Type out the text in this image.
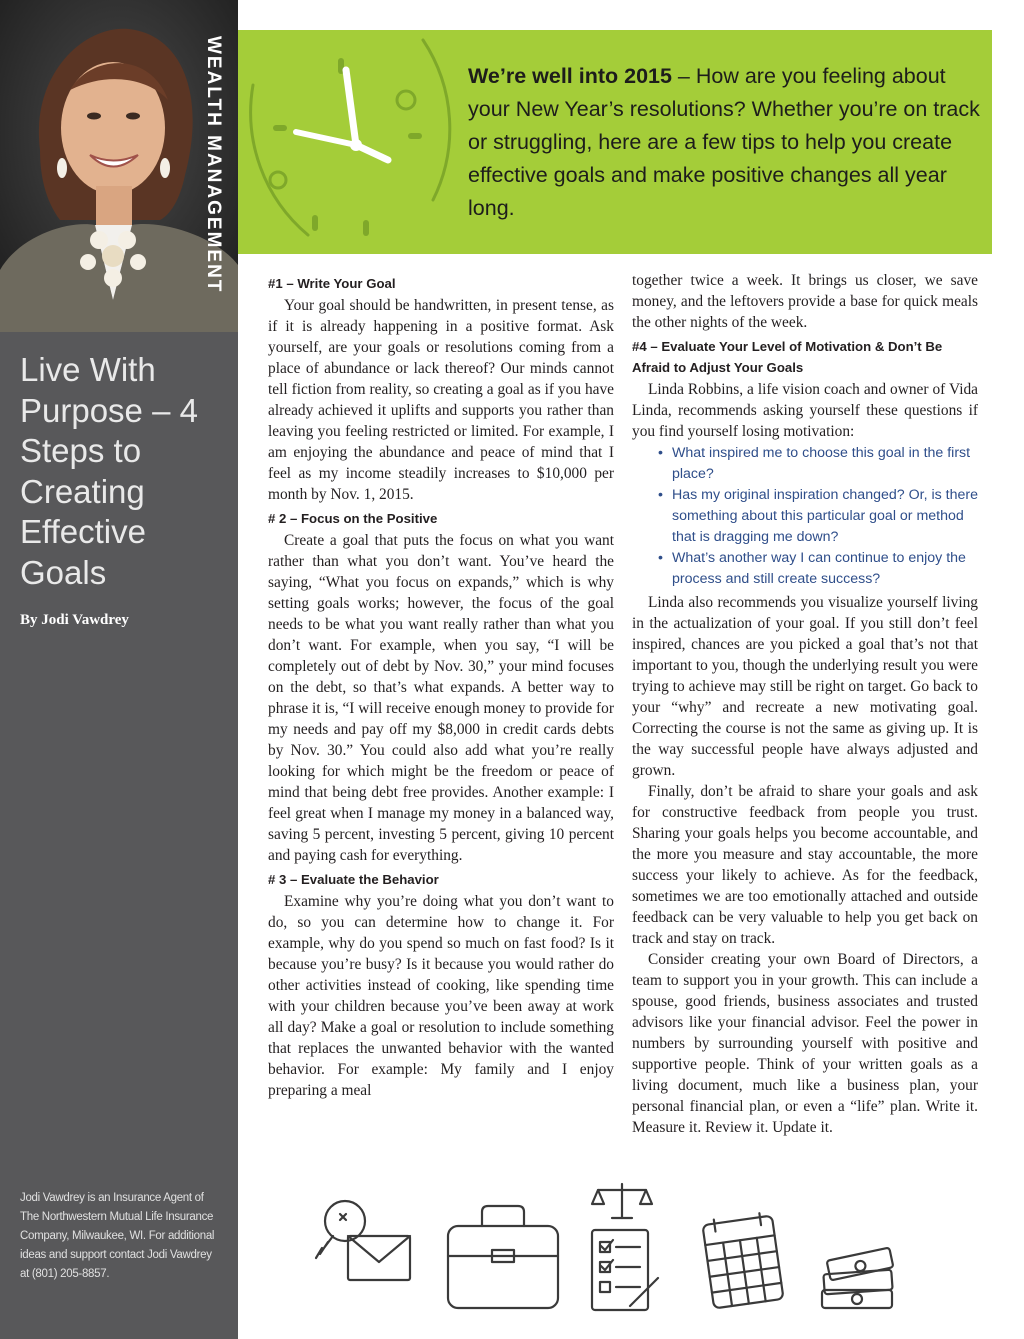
WEALTH MANAGEMENT
Live With Purpose – 4 Steps to Creating Effective Goals
By Jodi Vawdrey
Jodi Vawdrey is an Insurance Agent of The Northwestern Mutual Life Insurance Company, Milwaukee, WI. For additional ideas and support contact Jodi Vawdrey at (801) 205-8857.
We’re well into 2015 – How are you feeling about your New Year’s resolutions? Whether you’re on track or struggling, here are a few tips to help you create effective goals and make positive changes all year long.
#1 – Write Your Goal

Your goal should be handwritten, in present tense, as if it is already happening in a positive format. Ask yourself, are your goals or resolutions coming from a place of abundance or lack thereof? Our minds cannot tell fiction from reality, so creating a goal as if you have already achieved it uplifts and supports you rather than leaving you feeling restricted or limited. For example, I am enjoying the abundance and peace of mind that I feel as my income steadily increases to $10,000 per month by Nov. 1, 2015.

# 2 – Focus on the Positive

Create a goal that puts the focus on what you want rather than what you don’t want. You’ve heard the saying, “What you focus on expands,” which is why setting goals works; however, the focus of the goal needs to be what you want really rather than what you don’t want. For example, when you say, “I will be completely out of debt by Nov. 30,” your mind focuses on the debt, so that’s what expands. A better way to phrase it is, “I will receive enough money to provide for my needs and pay off my $8,000 in credit cards debts by Nov. 30.” You could also add what you’re really looking for which might be the freedom or peace of mind that being debt free provides. Another example: I feel great when I manage my money in a balanced way, saving 5 percent, investing 5 percent, giving 10 percent and paying cash for everything.

# 3 – Evaluate the Behavior

Examine why you’re doing what you don’t want to do, so you can determine how to change it. For example, why do you spend so much on fast food? Is it because you’re busy? Is it because you would rather do other activities instead of cooking, like spending time with your children because you’ve been away at work all day? Make a goal or resolution to include something that replaces the unwanted behavior with the wanted behavior. For example: My family and I enjoy preparing a meal

together twice a week. It brings us closer, we save money, and the leftovers provide a base for quick meals the other nights of the week.

#4 – Evaluate Your Level of Motivation & Don’t Be Afraid to Adjust Your Goals

Linda Robbins, a life vision coach and owner of Vida Linda, recommends asking yourself these questions if you find yourself losing motivation:

• What inspired me to choose this goal in the first place?
• Has my original inspiration changed? Or, is there something about this particular goal or method that is dragging me down?
• What’s another way I can continue to enjoy the process and still create success?

Linda also recommends you visualize yourself living in the actualization of your goal. If you still don’t feel inspired, chances are you picked a goal that’s not that important to you, though the underlying result you were trying to achieve may still be right on target. Go back to your “why” and recreate a new motivating goal. Correcting the course is not the same as giving up. It is the way successful people have always adjusted and grown.

Finally, don’t be afraid to share your goals and ask for constructive feedback from people you trust. Sharing your goals helps you become accountable, and the more you measure and stay accountable, the more success your likely to achieve. As for the feedback, sometimes we are too emotionally attached and outside feedback can be very valuable to help you get back on track and stay on track.

Consider creating your own Board of Directors, a team to support you in your growth. This can include a spouse, good friends, business associates and trusted advisors like your financial advisor. Feel the power in numbers by surrounding yourself with positive and supportive people. Think of your written goals as a living document, much like a business plan, your personal financial plan, or even a “life” plan. Write it. Measure it. Review it. Update it.
